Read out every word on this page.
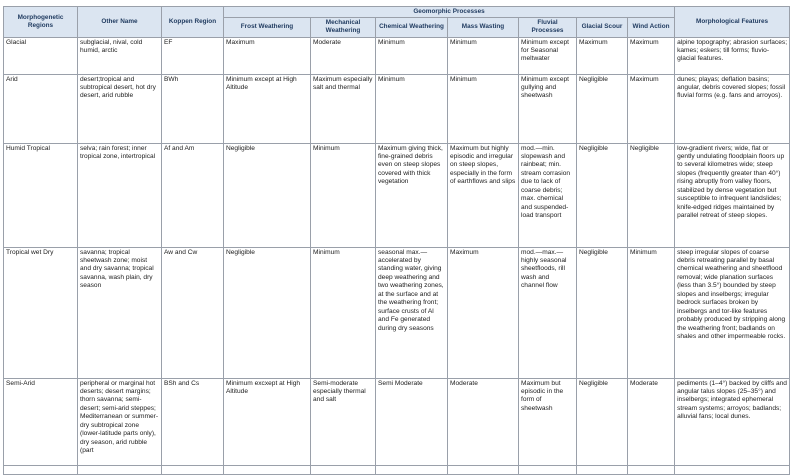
Morphogenetic Regions	Other Name	Koppen Region	Geomorphic Processes							Morphological Features
			Frost Weathering	Mechanical Weathering	Chemical Weathering	Mass Wasting	Fluvial Processes	Glacial Scour	Wind Action	
Glacial	subglacial, nival, cold humid, arctic	EF	Maximum	Moderate	Minimum	Minimum	Minimum except for Seasonal meltwater	Maximum	Maximum	alpine topography; abrasion surfaces; kames; eskers; till forms; fluvio-glacial features.
Arid	desert;tropical and subtropical desert, hot dry desert, arid rubble	BWh	Minimum except at High Altitude	Maximum especially salt and thermal	Minimum	Minimum	Minimum except gullying and sheetwash	Negligible	Maximum	dunes; playas; deflation basins; angular, debris covered slopes; fossil fluvial forms (e.g. fans and arroyos).
Humid Tropical	selva; rain forest; inner tropical zone, intertropical	Af and Am	Negligible	Minimum	Maximum giving thick, fine-grained debris even on steep slopes covered with thick vegetation	Maximum but highly episodic and irregular on steep slopes, especially in the form of earthflows and slips	mod.—min. slopewash and rainbeat; min. stream corrasion due to lack of coarse debris; max. chemical and suspended-load transport	Negligible	Negligible	low-gradient rivers; wide, flat or gently undulating floodplain floors up to several kilometres wide; steep slopes (frequently greater than 40°) rising abruptly from valley floors, stabilized by dense vegetation but susceptible to infrequent landslides; knife-edged ridges maintained by parallel retreat of steep slopes.
Tropical wet Dry	savanna; tropical sheetwash zone; moist and dry savanna; tropical savanna, wash plain, dry season	Aw and Cw	Negligible	Minimum	seasonal max.—accelerated by standing water, giving deep weathering and two weathering zones, at the surface and at the weathering front; surface crusts of Al and Fe generated during dry seasons	Maximum	mod.—max.—highly seasonal sheetfloods, rill wash and channel flow	Negligible	Minimum	steep irregular slopes of coarse debris retreating parallel by basal chemical weathering and sheetflood removal; wide planation surfaces (less than 3.5°) bounded by steep slopes and inselbergs; irregular bedrock surfaces broken by inselbergs and tor-like features probably produced by stripping along the weathering front; badlands on shales and other impermeable rocks.
Semi-Arid	peripheral or marginal hot deserts; desert margins; thorn savanna; semi-desert; semi-arid steppes; Mediterranean or summer-dry subtropical zone (lower-latitude parts only), dry season, arid rubble (part	BSh and Cs	Minimum excxept at High Altitude	Semi-moderate especially thermal and salt	Semi Moderate	Moderate	Maximum but episodic in the form of sheetwash	Negligible	Moderate	pediments (1–4°) backed by cliffs and angular talus slopes (25–35°) and inselbergs; integrated ephemeral stream systems; arroyos; badlands; alluvial fans; local dunes.
